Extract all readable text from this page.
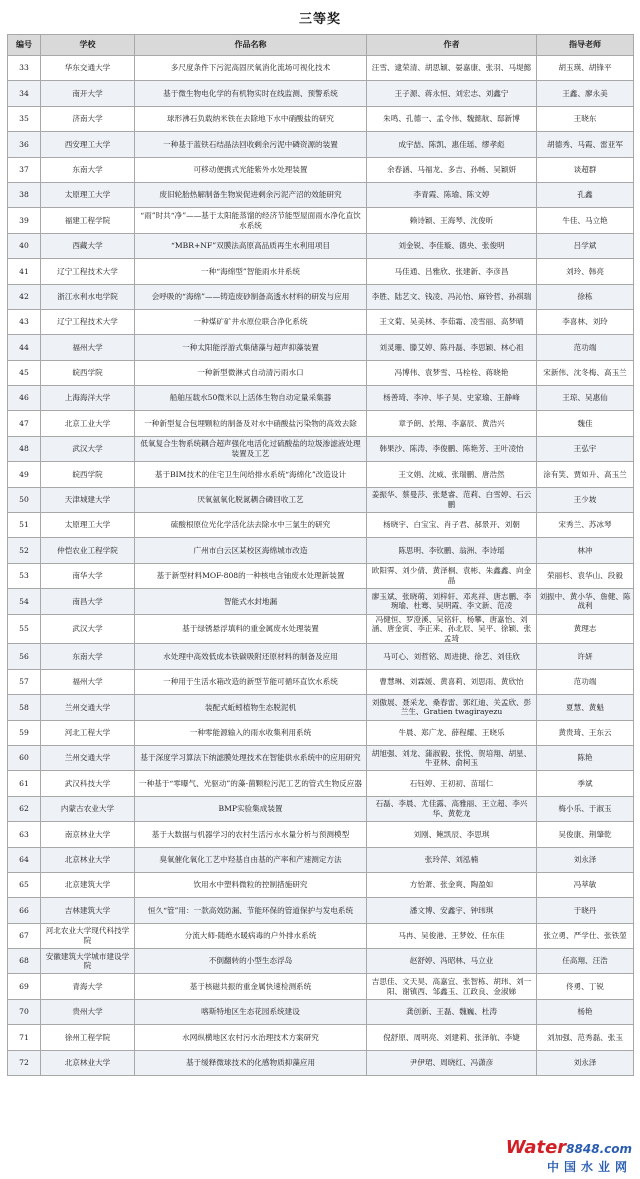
三等奖
编号	学校	作品名称	作者	指导老师
33	华东交通大学	多尺度条件下污泥高固厌氧消化流场可视化技术	汪雪、逮荣清、胡思颖、晏嘉康、张羽、马堤懿	胡玉瑛、胡锋平
34	南开大学	基于微生物电化学的有机物实时在线监测、预警系统	王子源、蒋永恒、刘宏志、刘鑫宁	王鑫、廖永美
35	济南大学	球形沸石负载纳米铁在去除地下水中硝酸盐的研究	朱鸣、孔德一、孟令伟、魏懿航、邸新博	王晓东
36	西安理工大学	一种基于蓝铁石结晶法回收剩余污泥中磷资源的装置	成宇喆、陈凯、惠佳瑶、缪孝彪	胡德秀、马霞、雷亚军
37	东南大学	可移动便携式光能紫外水处理装置	余春涵、马福龙、多吉、孙畅、吴颖妍	谈超群
38	太原理工大学	废旧轮胎热解制备生物炭促进剩余污泥产沼的效能研究	李青霞、陈瑜、陈文婷	孔鑫
39	福建工程学院	“雨”时共“净”——基于太阳能蒸馏的经济节能型屋面雨水净化直饮水系统	赖诗颖、王海琴、沈俊昕	牛佳、马立艳
40	西藏大学	“MBR+NF”双膜法高原高品质再生水利用项目	刘金锐、李佳璇、德央、张俊明	吕学斌
41	辽宁工程技术大学	一种“海绵型”智能雨水井系统	马佳通、吕雅欣、张建新、李彦昌	刘玲、韩亮
42	浙江水利水电学院	会呼吸的“海绵”——铸造废砂制备高透水材料的研发与应用	李胜、陆艺文、钱凌、冯沁怡、麻铃哲、孙祺瑞	徐栋
43	辽宁工程技术大学	一种煤矿矿井水原位联合净化系统	王文菊、吴美林、李茹霜、凌雪丽、高梦晴	李喜林、刘玲
44	福州大学	一种太阳能浮游式集储藻与超声抑藻装置	刘灵珊、滕艾婷、陈丹磊、李思颖、林心祖	范功端
45	皖西学院	一种新型微淋式自动清污雨水口	冯博伟、袁梦雪、马栓栓、蒋晓艳	宋新伟、沈冬梅、高玉兰
46	上海海洋大学	船舶压载水50微米以上活体生物自动定量采集器	杨善琦、李冲、毕子昊、史家瑜、王静峰	王琼、吴惠仙
47	北京工业大学	一种新型复合包埋颗粒的制备及对水中硝酸盐污染物的高效去除	章予朗、於翔、李嘉辰、黄浩兴	魏佳
48	武汉大学	低氧复合生物系统耦合超声强化电活化过硫酸盐的垃圾渗滤液处理装置及工艺	韩果沙、陈涛、李俊鹏、陈艳芳、王叶凌怡	王弘宇
49	皖西学院	基于BIM技术的住宅卫生间给排水系统“海绵化”改造设计	王文娟、沈威、张瑞鹏、唐浩然	涂有笑、贾如升、高玉兰
50	天津城建大学	厌氧氨氧化脱氮耦合磷回收工艺	姜振华、蔡曼莎、张楚睿、范莉、白雪婷、石云鹏	王少坡
51	太原理工大学	硫酸根原位光化学活化法去除水中三氯生的研究	杨晓宇、白宝宝、肖子君、郝景开、刘朝	宋秀兰、苏冰琴
52	仲恺农业工程学院	广州市白云区某校区海绵城市改造	陈思明、李钦鹏、翁洲、李诗瑶	林冲
53	南华大学	基于新型材料MOF-808的一种核电含铀废水处理新装置	欧阳霁、刘少倩、黄泽桐、袁彬、朱鑫鑫、向金晶	荣丽杉、袁华山、段毅
54	南昌大学	智能式水封地漏	廖玉斌、张晓萌、刘梓轩、邓兆祥、唐志鹏、李琬瑜、杜骞、吴明霞、李文新、范凌	刘振中、黄小华、詹健、陈战利
55	武汉大学	基于绿锈悬浮填料的重金属废水处理装置	冯健恒、罗澄溪、吴铭轩、杨攀、唐嘉怡、刘涵、唐金寅、李正来、孙北辰、吴平、徐颖、张孟琦	黄理志
56	东南大学	水处理中高效低成本铁碳吸附还原材料的制备及应用	马可心、刘哲铭、周进捷、徐艺、刘佳欣	许妍
57	福州大学	一种用于生活水箱改造的新型节能可循环直饮水系统	曹慧琳、刘霖媛、黄喜莉、刘思雨、黄欣怡	范功端
58	兰州交通大学	装配式蚯蚓植物生态脱泥机	刘傲展、聂采龙、桑春雷、郭红迪、关孟欣、彭兰生、Gratien twagirayezu	夏慧、黄魁
59	河北工程大学	一种零能源输入的雨水收集利用系统	牛晨、郑广龙、薛程耀、王晓乐	黄贵琦、王东云
60	兰州交通大学	基于深度学习算法下纳滤膜处理技术在智能供水系统中的应用研究	胡旭强、刘龙、蒲淑毅、张悦、贺培翔、胡星、牛亚林、俞柯玉	陈艳
61	武汉科技大学	一种基于“零曝气、光驱动”的藻-菌颗粒污泥工艺的管式生物反应器	石钰婷、王初初、苗瑶仁	季斌
62	内蒙古农业大学	BMP实验集成装置	石磊、李晨、尤佳露、高雅丽、王立超、李兴华、黄乾龙	梅小乐、于淑玉
63	南京林业大学	基于大数据与机器学习的农村生活污水水量分析与预测模型	刘刚、鲍凯辰、李思琪	吴俊康、荆肇乾
64	北京林业大学	臭氧催化氧化工艺中羟基自由基的产率和产速测定方法	张玲萍、刘泓楠	刘永泽
65	北京建筑大学	饮用水中塑料微粒的控制措施研究	方怡萧、张金爽、陶盈如	冯萃敏
66	吉林建筑大学	恒久“管”用：一款高效防漏、节能环保的管道保护与发电系统	潘文博、安鑫宇、钟玮琪	于晓丹
67	河北农业大学现代科技学院	分流大师-随绝水暖病毒的户外排水系统	马冉、吴俊港、王梦姣、任东佳	张立勇、严学仕、张铁堃
68	安徽建筑大学城市建设学院	不倒翻转的小型生态浮岛	赵舒婷、冯昭林、马立业	任高翔、汪浩
69	青海大学	基于核磁共振的重金属快速检测系统	吉思佳、文天昊、高嘉宜、张智栋、胡玮、刘一阳、谢镇西、邹鑫玉、江政良、金淑娣	佟勇、丁锐
70	贵州大学	喀斯特地区生态花园系统建设	龚创新、王磊、魏巍、杜涛	杨艳
71	徐州工程学院	水网纵横地区农村污水治理技术方案研究	倪舒原、周明亮、刘建莉、张泽航、李婕	刘加强、范秀磊、张玉
72	北京林业大学	基于缓释微球技术的化感物质抑藻应用	尹伊珺、周晓红、冯潇彦	刘永泽
Water8848.com
中国水业网
